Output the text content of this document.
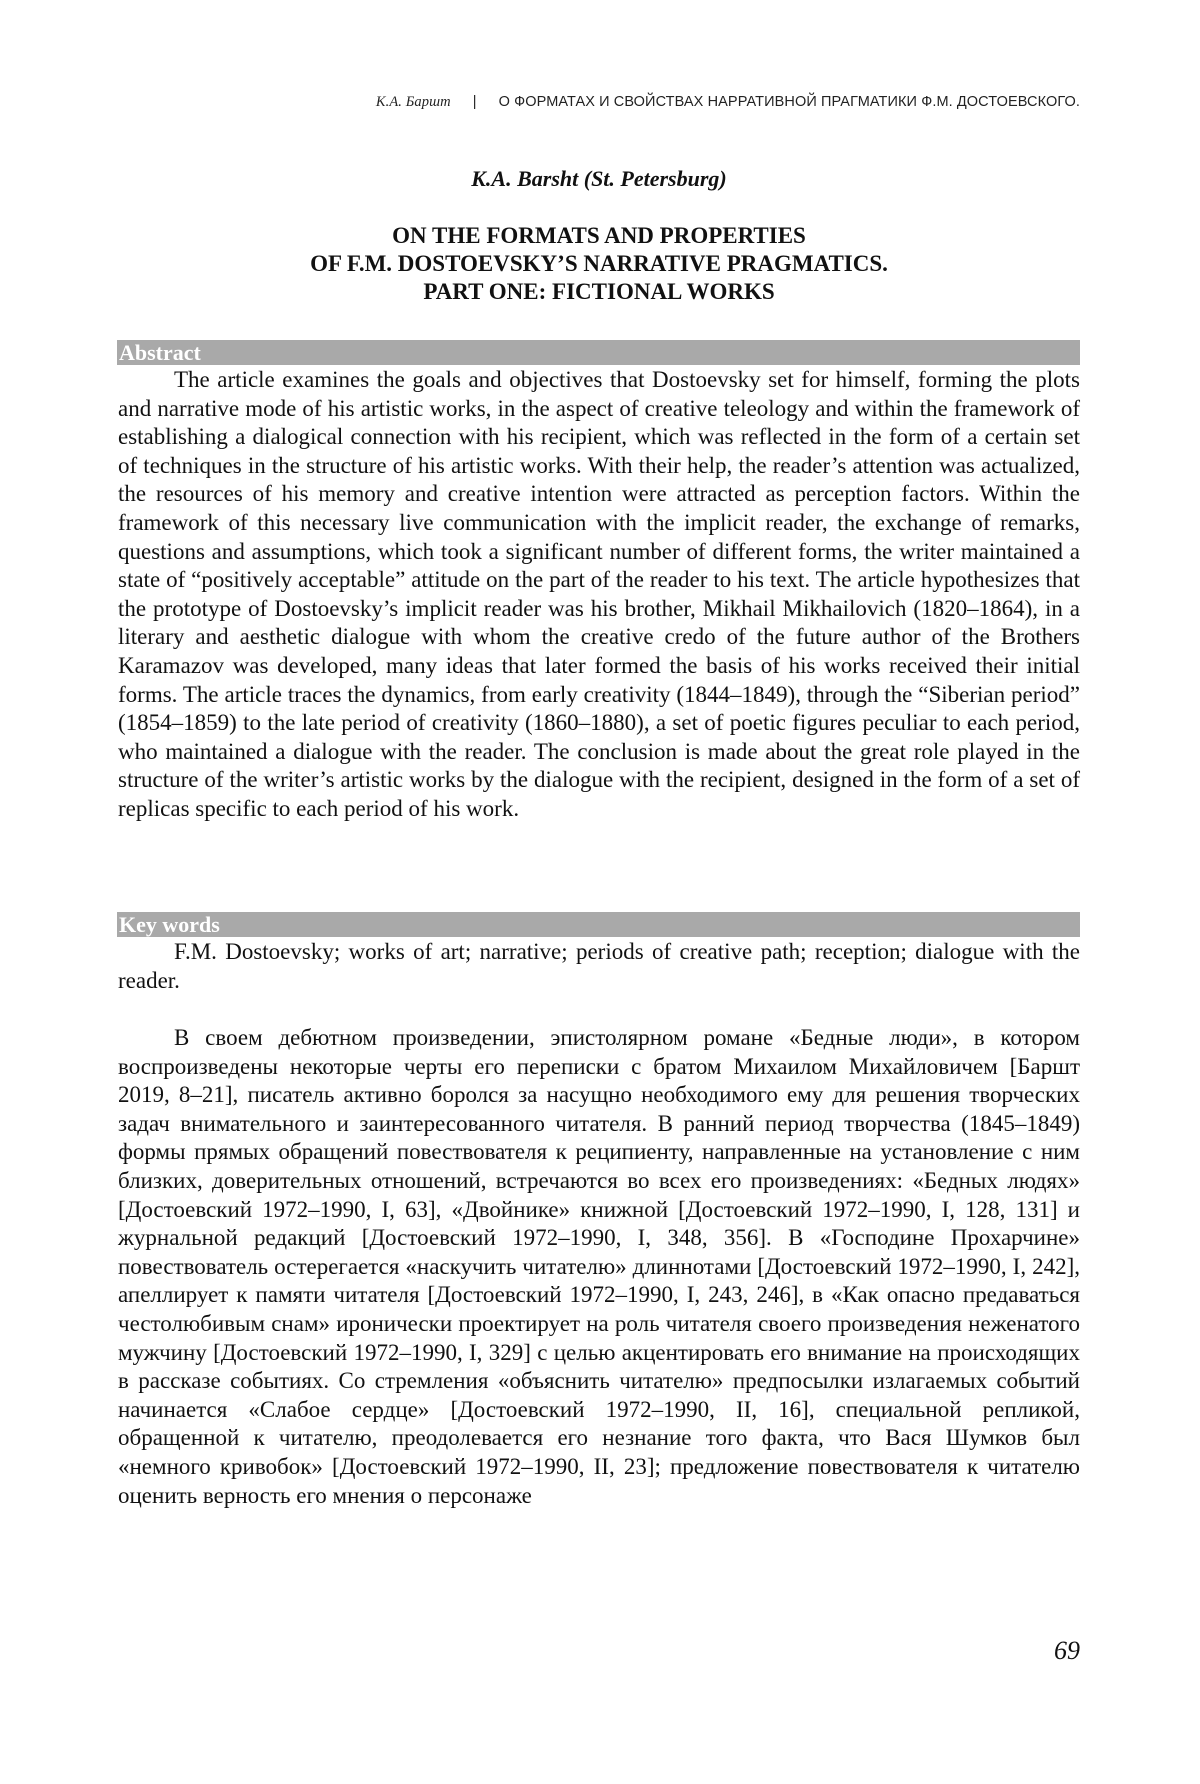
К.А. Баршт | О ФОРМАТАХ И СВОЙСТВАХ НАРРАТИВНОЙ ПРАГМАТИКИ Ф.М. ДОСТОЕВСКОГО.
K.A. Barsht (St. Petersburg)
ON THE FORMATS AND PROPERTIES
OF F.M. DOSTOEVSKY’S NARRATIVE PRAGMATICS.
PART ONE: FICTIONAL WORKS
Abstract

The article examines the goals and objectives that Dostoevsky set for himself, forming the plots and narrative mode of his artistic works, in the aspect of creative teleology and within the framework of establishing a dialogical connection with his recipient, which was reflected in the form of a certain set of techniques in the structure of his artistic works. With their help, the reader’s attention was actualized, the resources of his memory and creative intention were attracted as perception factors. Within the framework of this necessary live communication with the implicit reader, the exchange of remarks, questions and assumptions, which took a significant number of different forms, the writer maintained a state of “positively acceptable” attitude on the part of the reader to his text. The article hypothesizes that the prototype of Dostoevsky’s implicit reader was his brother, Mikhail Mikhailovich (1820–1864), in a literary and aesthetic dialogue with whom the creative credo of the future author of the Brothers Karamazov was developed, many ideas that later formed the basis of his works received their initial forms. The article traces the dynamics, from early creativity (1844–1849), through the “Siberian period” (1854–1859) to the late period of creativity (1860–1880), a set of poetic figures peculiar to each period, who maintained a dialogue with the reader. The conclusion is made about the great role played in the structure of the writer’s artistic works by the dialogue with the recipient, designed in the form of a set of replicas specific to each period of his work.

Key words

F.M. Dostoevsky; works of art; narrative; periods of creative path; reception; dialogue with the reader.

В своем дебютном произведении, эпистолярном романе «Бедные люди», в котором воспроизведены некоторые черты его переписки с братом Михаилом Михайловичем [Баршт 2019, 8–21], писатель активно боролся за насущно необходимого ему для решения творческих задач внимательного и заинтересованного читателя. В ранний период творчества (1845–1849) формы прямых обращений повествователя к реципиенту, направленные на установление с ним близких, доверительных отношений, встречаются во всех его произведениях: «Бедных людях» [Достоевский 1972–1990, I, 63], «Двойнике» книжной [Достоевский 1972–1990, I, 128, 131] и журнальной редакций [Достоевский 1972–1990, I, 348, 356]. В «Господине Прохарчине» повествователь остерегается «наскучить читателю» длиннотами [Достоевский 1972–1990, I, 242], апеллирует к памяти читателя [Достоевский 1972–1990, I, 243, 246], в «Как опасно предаваться честолюбивым снам» иронически проектирует на роль читателя своего произведения неженатого мужчину [Достоевский 1972–1990, I, 329] с целью акцентировать его внимание на происходящих в рассказе событиях. Со стремления «объяснить читателю» предпосылки излагаемых событий начинается «Слабое сердце» [Достоевский 1972–1990, II, 16], специальной репликой, обращенной к читателю, преодолевается его незнание того факта, что Вася Шумков был «немного кривобок» [Достоевский 1972–1990, II, 23]; предложение повествователя к читателю оценить верность его мнения о персонаже

69
